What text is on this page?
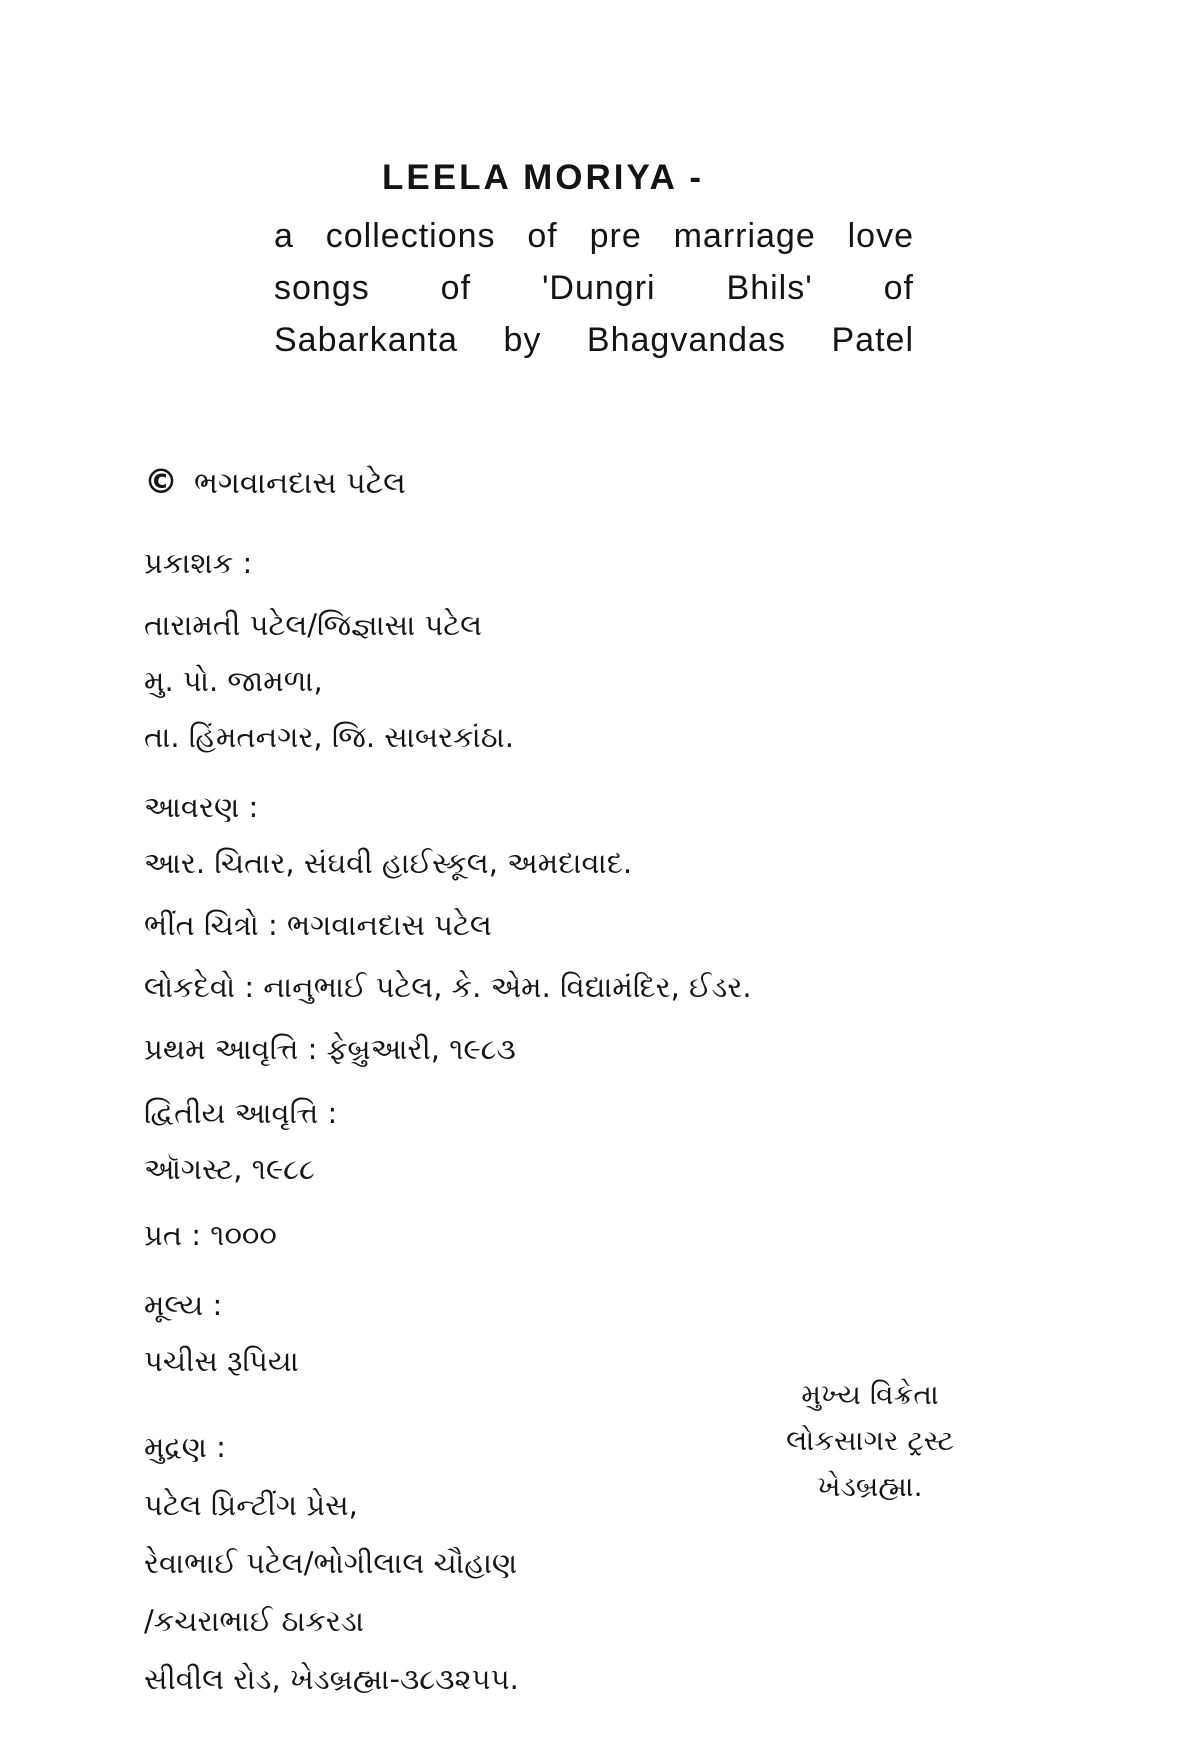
LEELA MORIYA -
a collections of pre marriage love
songs of 'Dungri Bhils' of
Sabarkanta by Bhagvandas Patel
© ભગવાનદાસ પટેલ
પ્રકાશક :
તારામતી પટેલ/જિજ્ઞાસા પટેલ
મુ. પો. જામળા,
તા. હિંમતનગર, જિ. સાબરકાંઠા.
આવરણ :
આર. ચિતાર, સંઘવી હાઈસ્કૂલ, અમદાવાદ.
ભીંત ચિત્રો : ભગવાનદાસ પટેલ
લોકદેવો : નાનુભાઈ પટેલ, કે. એમ. વિદ્યામંદિર, ઈડર.
પ્રથમ આવૃત્તિ : ફેબ્રુઆરી, ૧૯૮૩
દ્વિતીય આવૃત્તિ :
ઑગસ્ટ, ૧૯૮૮
પ્રત : ૧૦૦૦
મૂલ્ય :
પચીસ રૂપિયા
મુદ્રણ :
પટેલ પ્રિન્ટીંગ પ્રેસ,
રેવાભાઈ પટેલ/ભોગીલાલ ચૌહાણ
/કચરાભાઈ ઠાકરડા
સીવીલ રોડ, ખેડબ્રહ્મા-૩૮૩૨૫૫.
મુખ્ય વિક્રેતા
લોકસાગર ટ્રસ્ટ
ખેડબ્રહ્મા.
